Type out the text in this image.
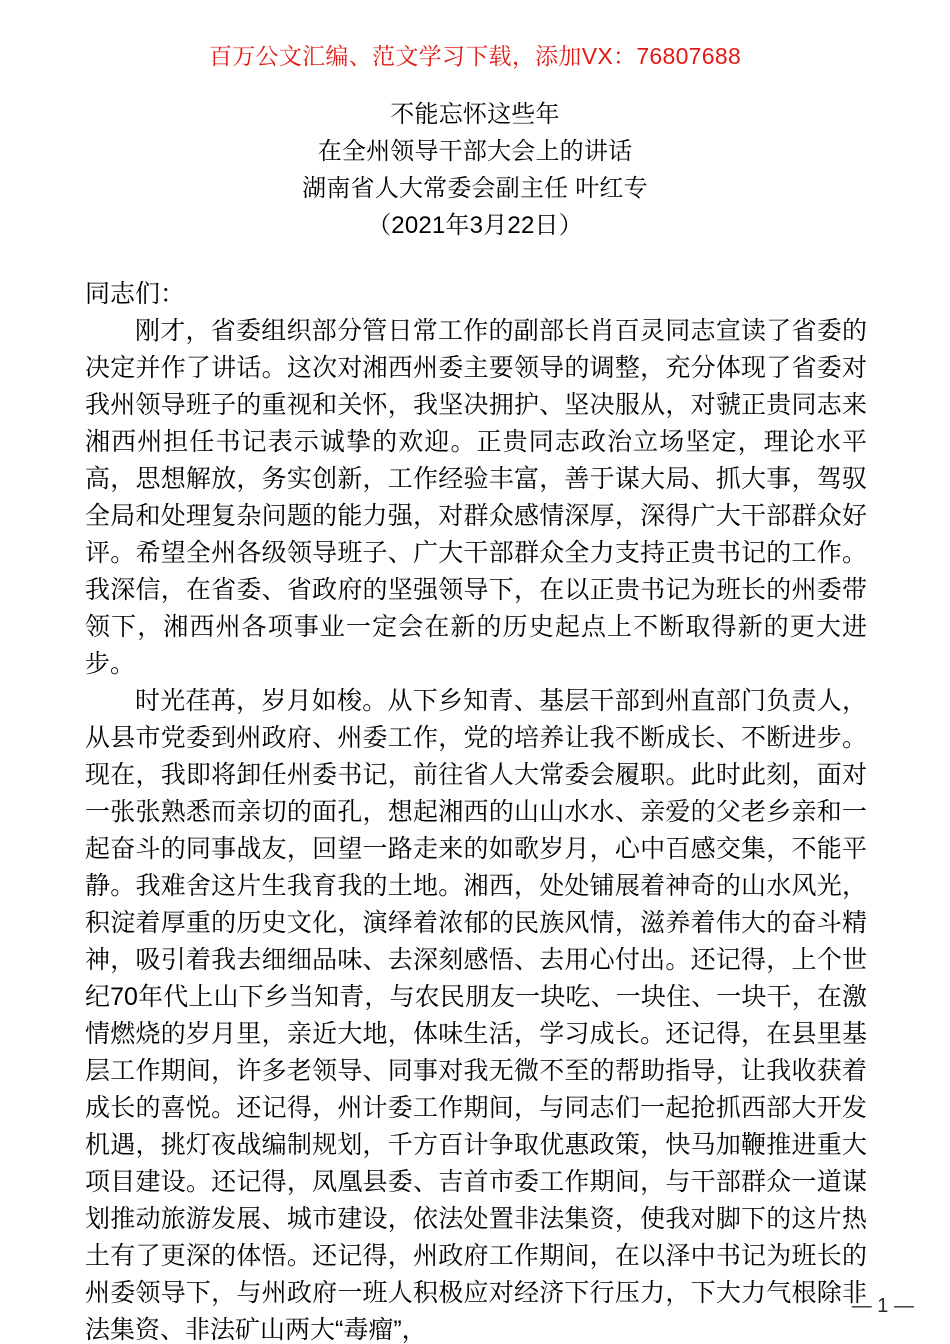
百万公文汇编、范文学习下载，添加VX：76807688
不能忘怀这些年
在全州领导干部大会上的讲话
湖南省人大常委会副主任 叶红专
（2021年3月22日）

同志们：

刚才，省委组织部分管日常工作的副部长肖百灵同志宣读了省委的决定并作了讲话。这次对湘西州委主要领导的调整，充分体现了省委对我州领导班子的重视和关怀，我坚决拥护、坚决服从，对虢正贵同志来湘西州担任书记表示诚挚的欢迎。正贵同志政治立场坚定，理论水平高，思想解放，务实创新，工作经验丰富，善于谋大局、抓大事，驾驭全局和处理复杂问题的能力强，对群众感情深厚，深得广大干部群众好评。希望全州各级领导班子、广大干部群众全力支持正贵书记的工作。我深信，在省委、省政府的坚强领导下，在以正贵书记为班长的州委带领下，湘西州各项事业一定会在新的历史起点上不断取得新的更大进步。

时光荏苒，岁月如梭。从下乡知青、基层干部到州直部门负责人，从县市党委到州政府、州委工作，党的培养让我不断成长、不断进步。现在，我即将卸任州委书记，前往省人大常委会履职。此时此刻，面对一张张熟悉而亲切的面孔，想起湘西的山山水水、亲爱的父老乡亲和一起奋斗的同事战友，回望一路走来的如歌岁月，心中百感交集，不能平静。我难舍这片生我育我的土地。湘西，处处铺展着神奇的山水风光，积淀着厚重的历史文化，演绎着浓郁的民族风情，滋养着伟大的奋斗精神，吸引着我去细细品味、去深刻感悟、去用心付出。还记得，上个世纪70年代上山下乡当知青，与农民朋友一块吃、一块住、一块干，在激情燃烧的岁月里，亲近大地，体味生活，学习成长。还记得，在县里基层工作期间，许多老领导、同事对我无微不至的帮助指导，让我收获着成长的喜悦。还记得，州计委工作期间，与同志们一起抢抓西部大开发机遇，挑灯夜战编制规划，千方百计争取优惠政策，快马加鞭推进重大项目建设。还记得，凤凰县委、吉首市委工作期间，与干部群众一道谋划推动旅游发展、城市建设，依法处置非法集资，使我对脚下的这片热土有了更深的体悟。还记得，州政府工作期间，在以泽中书记为班长的州委领导下，与州政府一班人积极应对经济下行压力，下大力气根除非法集资、非法矿山两大“毒瘤”，

— 1 —
